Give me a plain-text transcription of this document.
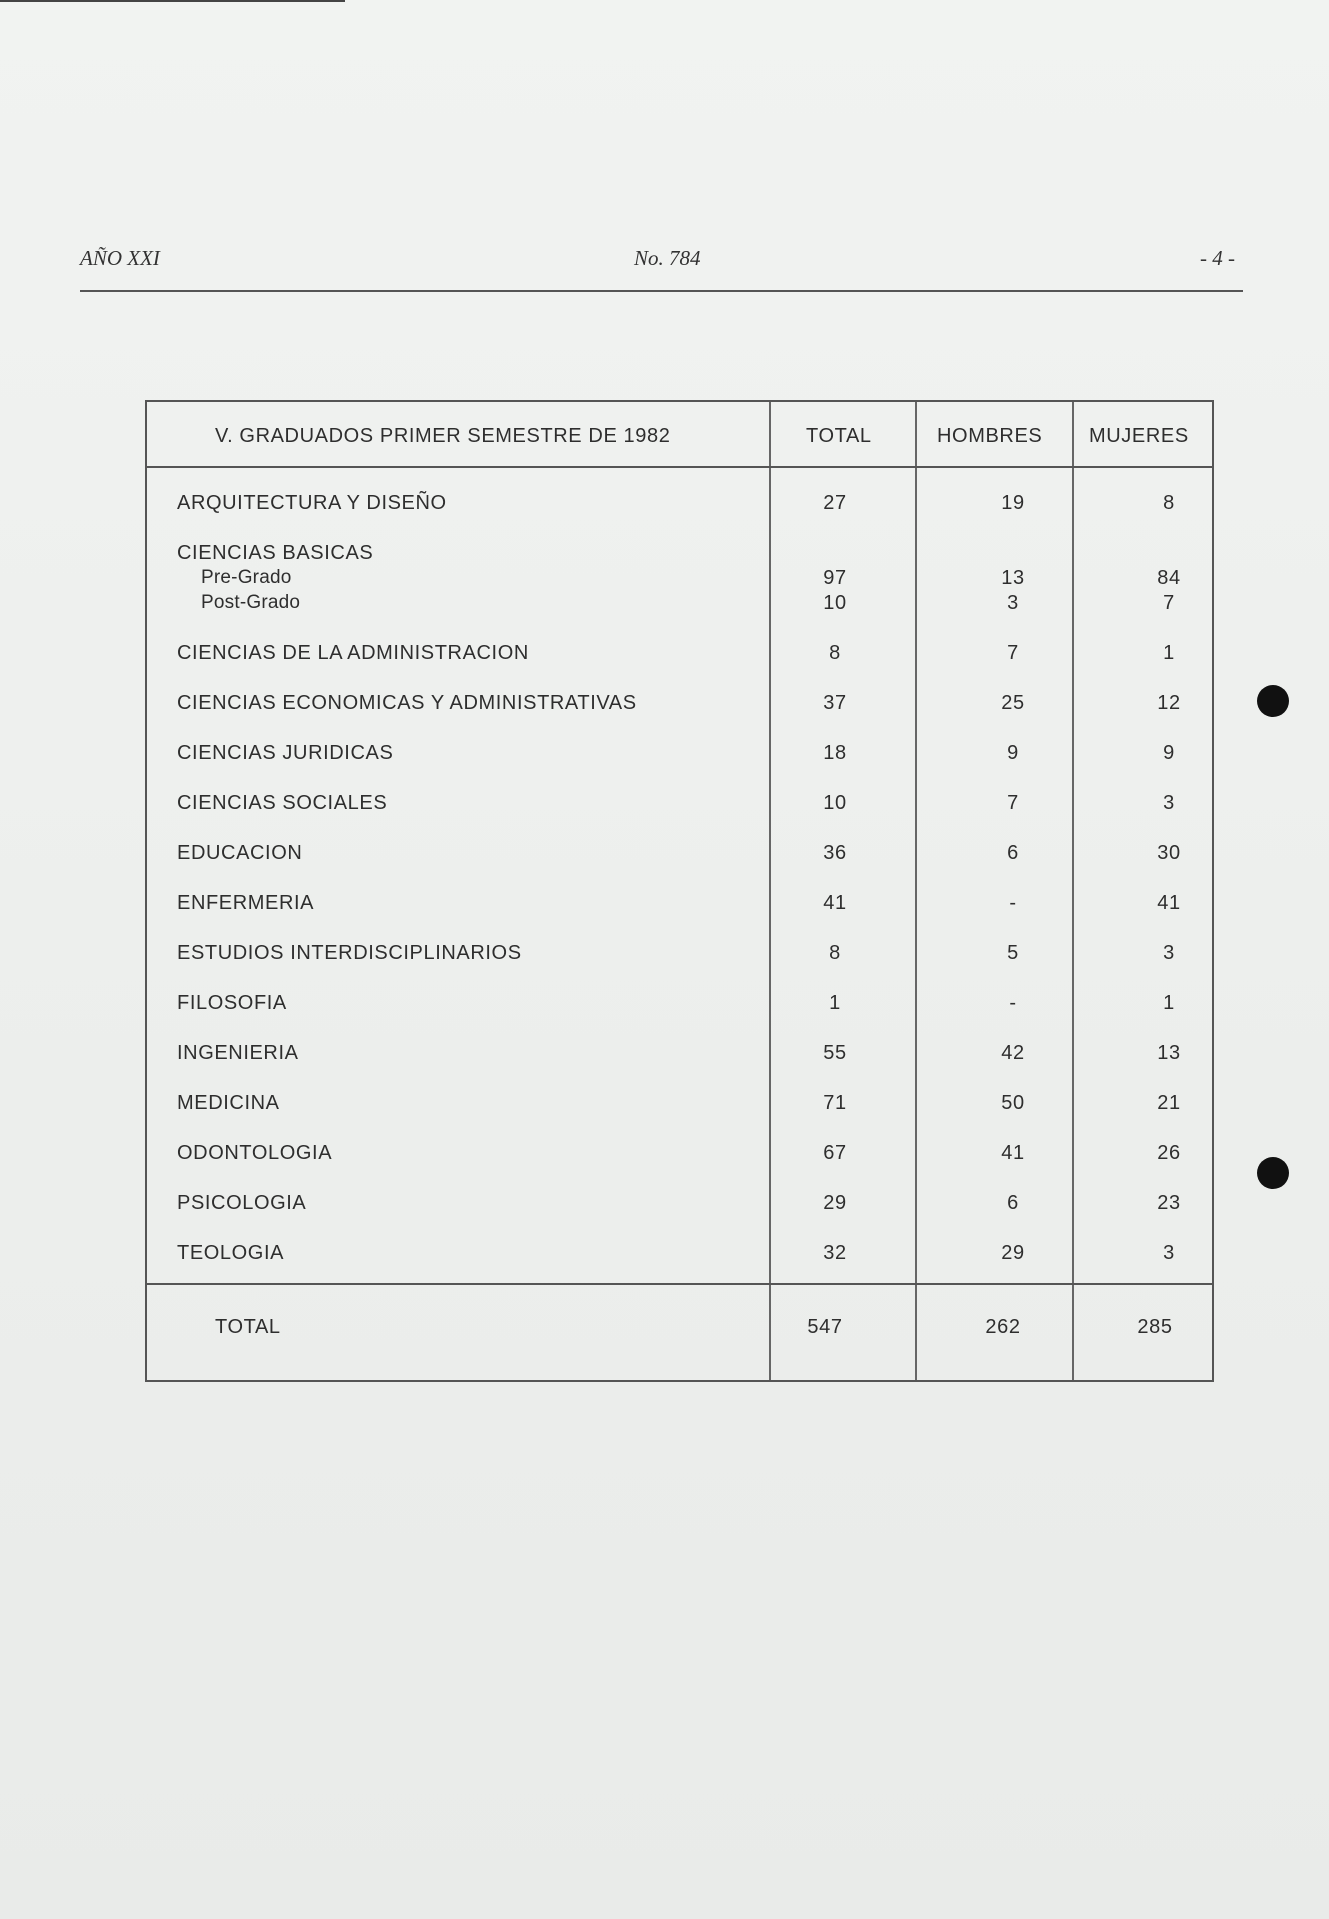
AÑO XXI	No. 784	- 4 -
V. GRADUADOS PRIMER SEMESTRE DE 1982	TOTAL	HOMBRES MUJERES
ARQUITECTURA Y DISEÑO	27	19	8
CIENCIAS BASICAS
Pre-Grado	97	13	84
Post-Grado	10	3	7
CIENCIAS DE LA ADMINISTRACION	8	7	1
CIENCIAS ECONOMICAS Y ADMINISTRATIVAS	37	25	12
CIENCIAS JURIDICAS	18	9	9
CIENCIAS SOCIALES	10	7	3
EDUCACION	36	6	30
ENFERMERIA	41	-	41
ESTUDIOS INTERDISCIPLINARIOS	8	5	3
FILOSOFIA	1	-	1
INGENIERIA	55	42	13
MEDICINA	71	50	21
ODONTOLOGIA	67	41	26
PSICOLOGIA	29	6	23
TEOLOGIA	32	29	3
TOTAL	547	262	285
